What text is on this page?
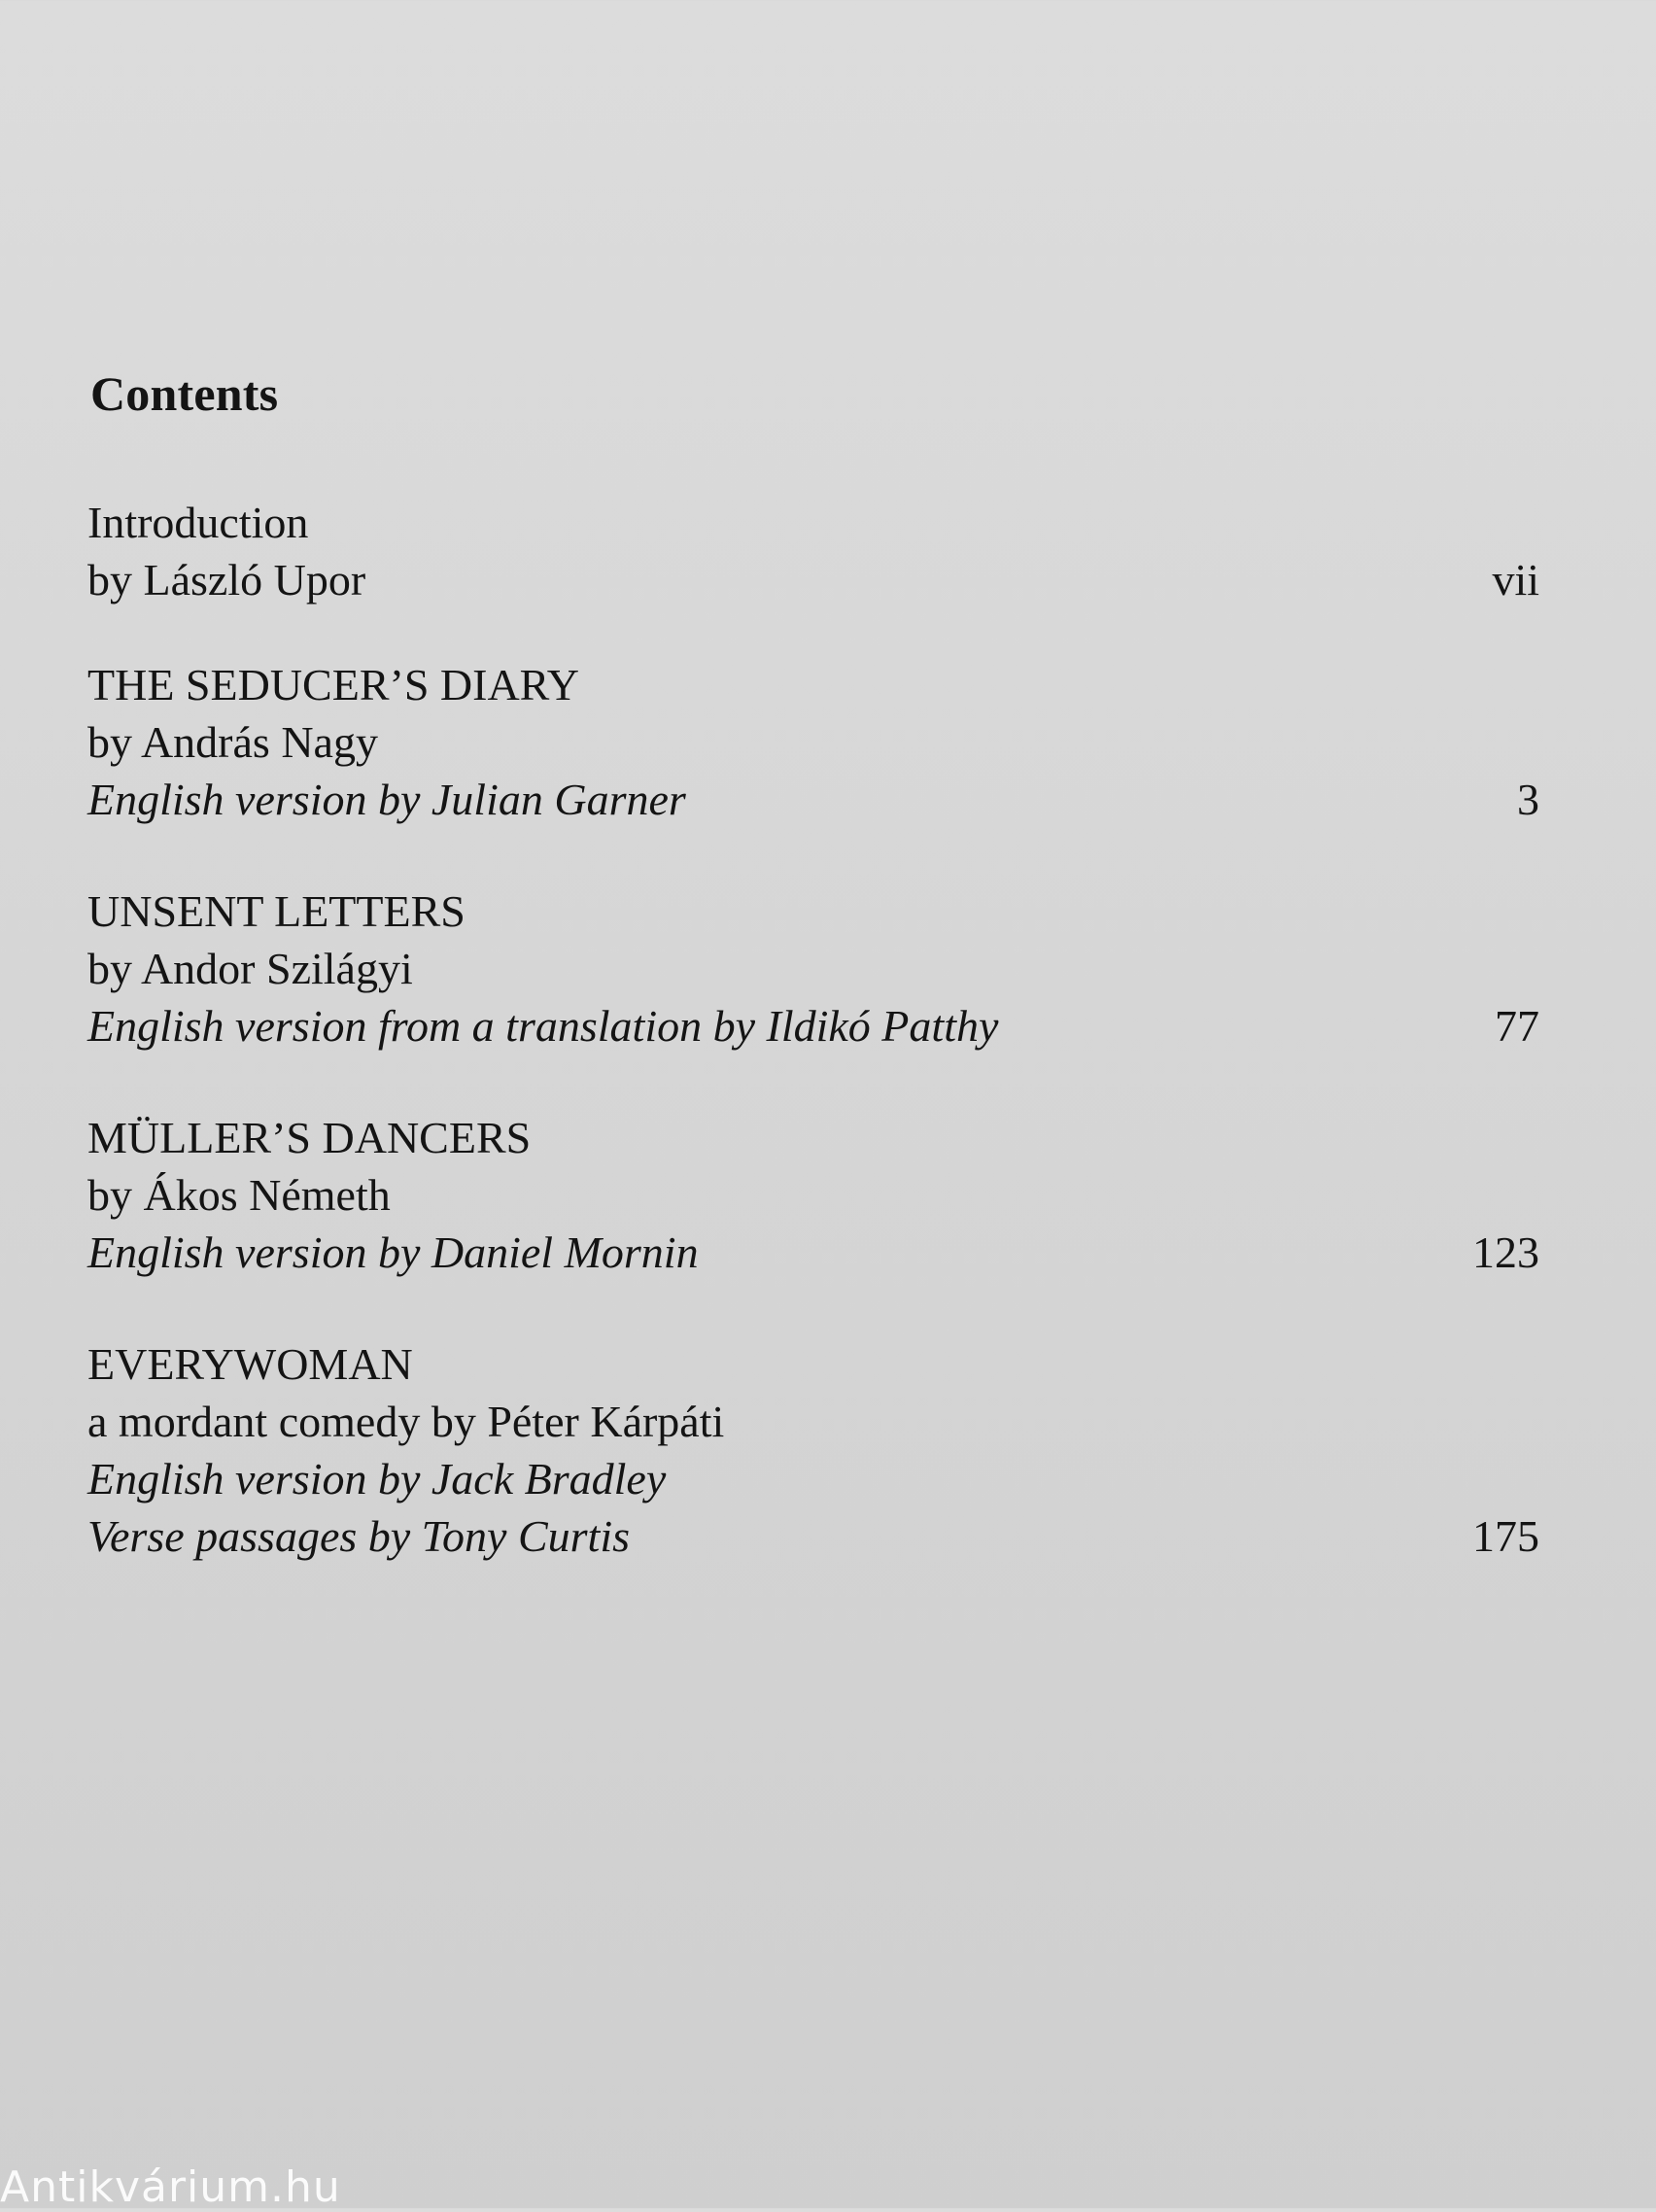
Contents
Introduction
by László Upor	vii
THE SEDUCER’S DIARY
by András Nagy
English version by Julian Garner	3
UNSENT LETTERS
by Andor Szilágyi
English version from a translation by Ildikó Patthy	77
MÜLLER’S DANCERS
by Ákos Németh
English version by Daniel Mornin	123
EVERYWOMAN
a mordant comedy by Péter Kárpáti
English version by Jack Bradley
Verse passages by Tony Curtis	175
Antikvárium.hu
